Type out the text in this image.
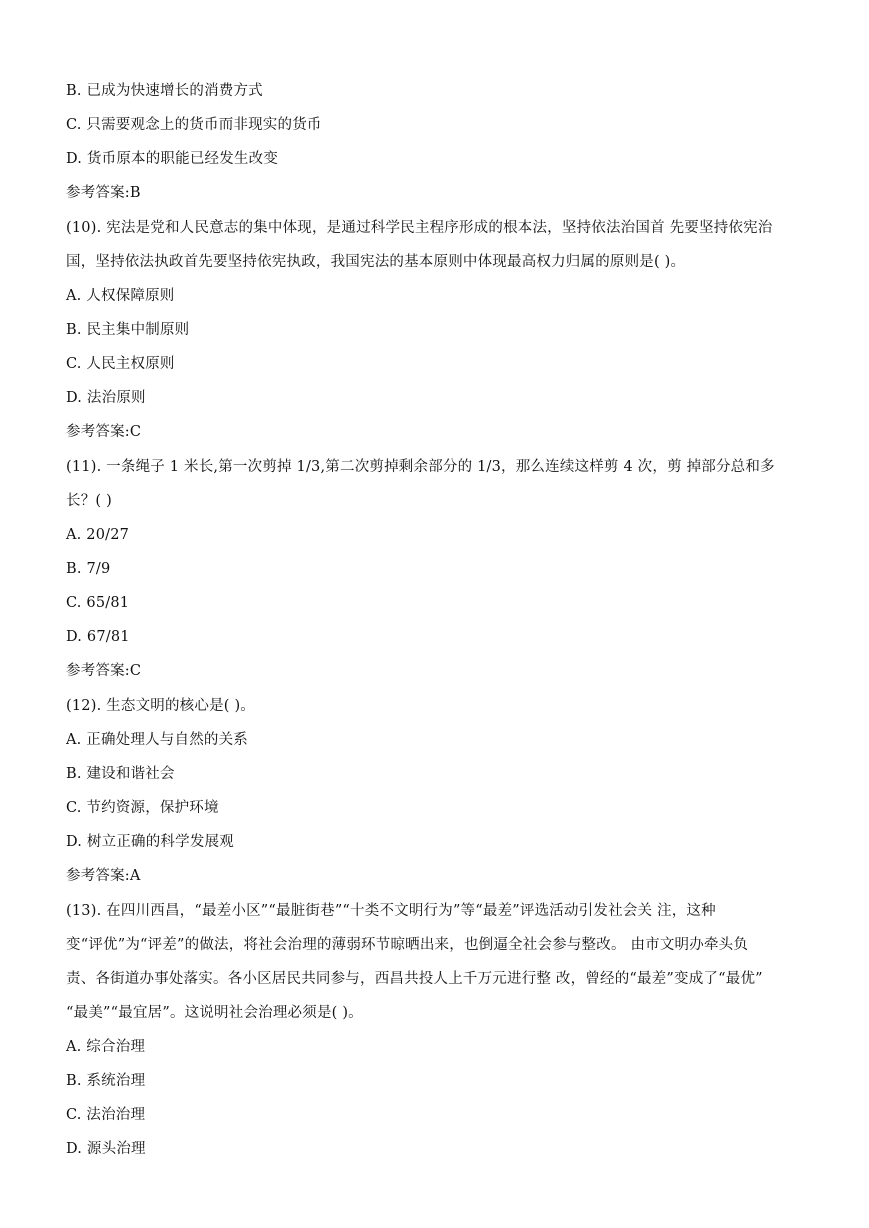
B. 已成为快速增长的消费方式
C. 只需要观念上的货币而非现实的货币
D. 货币原本的职能已经发生改变
参考答案:B
(10). 宪法是党和人民意志的集中体现，是通过科学民主程序形成的根本法，坚持依法治国首 先要坚持依宪治
国，坚持依法执政首先要坚持依宪执政，我国宪法的基本原则中体现最高权力归属的原则是( )。
A. 人权保障原则
B. 民主集中制原则
C. 人民主权原则
D. 法治原则
参考答案:C
(11). 一条绳子 1 米长,第一次剪掉 1/3,第二次剪掉剩余部分的 1/3，那么连续这样剪 4 次，剪 掉部分总和多
长？( )
A. 20/27
B. 7/9
C. 65/81
D. 67/81
参考答案:C
(12). 生态文明的核心是( )。
A. 正确处理人与自然的关系
B. 建设和谐社会
C. 节约资源，保护环境
D. 树立正确的科学发展观
参考答案:A
(13). 在四川西昌，“最差小区”“最脏街巷”“十类不文明行为”等“最差”评选活动引发社会关 注，这种
变“评优”为“评差”的做法，将社会治理的薄弱环节晾晒出来，也倒逼全社会参与整改。 由市文明办牵头负
责、各街道办事处落实。各小区居民共同参与，西昌共投人上千万元进行整 改，曾经的“最差”变成了“最优”
“最美”“最宜居”。这说明社会治理必须是( )。
A. 综合治理
B. 系统治理
C. 法治治理
D. 源头治理
